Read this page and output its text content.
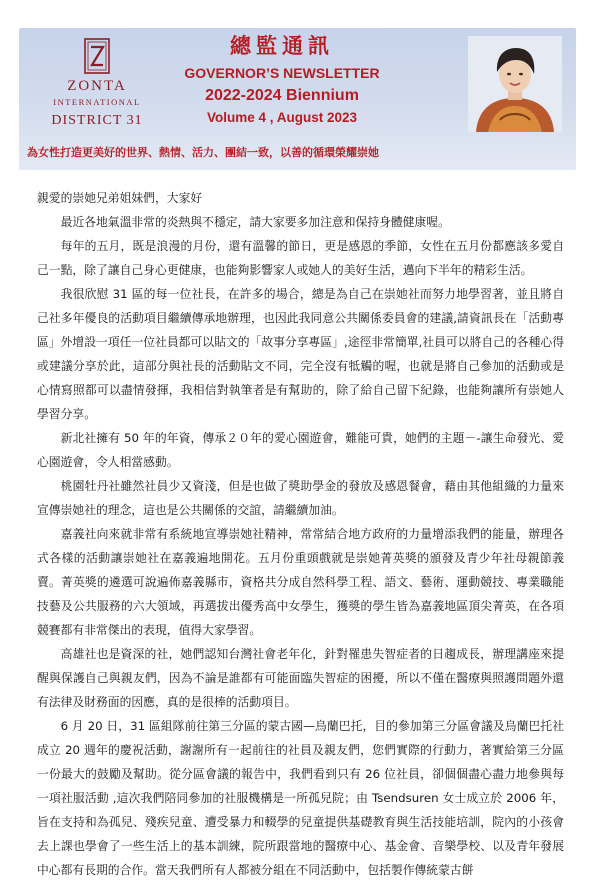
ZONTA
INTERNATIONAL
DISTRICT 31
總監通訊
GOVERNOR’S NEWSLETTER
2022-2024 Biennium
Volume 4 , August 2023
為女性打造更美好的世界、熱情、活力、團結一致，以善的循環榮耀崇她

親愛的崇她兄弟姐妹們，大家好

最近各地氣溫非常的炎熱與不穩定，請大家要多加注意和保持身體健康喔。

每年的五月，既是浪漫的月份，還有溫馨的節日，更是感恩的季節，女性在五月份都應該多愛自己一點，除了讓自己身心更健康，也能夠影響家人或她人的美好生活，邁向下半年的精彩生活。

我很欣慰 31 區的每一位社長，在許多的場合，總是為自己在崇她社而努力地學習著，並且將自己社多年優良的活動項目繼續傳承地辦理，也因此我同意公共關係委員會的建議,請資訊長在「活動專區」外增設一項任一位社員都可以貼文的「故事分享專區」,途徑非常簡單,社員可以將自己的各種心得或建議分享於此，這部分與社長的活動貼文不同，完全沒有牴觸的喔，也就是將自己參加的活動或是心情寫照都可以盡情發揮，我相信對執筆者是有幫助的，除了給自己留下紀錄，也能夠讓所有崇她人學習分享。

新北社擁有 50 年的年資，傳承２０年的愛心園遊會，難能可貴，她們的主題－-讓生命發光、愛心園遊會，令人相當感動。

桃園牡丹社雖然社員少又資淺，但是也做了獎助學金的發放及感恩餐會，藉由其他組織的力量來宣傳崇她社的理念，這也是公共關係的交誼，請繼續加油。

嘉義社向來就非常有系統地宣導崇她社精神，常常結合地方政府的力量增添我們的能量，辦理各式各樣的活動讓崇她社在嘉義遍地開花。五月份重頭戲就是崇她菁英獎的頒發及青少年社母親節義賣。菁英獎的遴選可說遍佈嘉義縣市，資格共分成自然科學工程、語文、藝術、運動競技、專業職能技藝及公共服務的六大領域，再選拔出優秀高中女學生，獲獎的學生皆為嘉義地區頂尖菁英，在各項競賽都有非常傑出的表現，值得大家學習。

高雄社也是資深的社，她們認知台灣社會老年化，針對罹患失智症者的日趨成長，辦理講座來提醒與保護自己與親友們，因為不論是誰都有可能面臨失智症的困擾，所以不僅在醫療與照護問題外還有法律及財務面的因應，真的是很棒的活動項目。

6 月 20 日，31 區組隊前往第三分區的蒙古國—烏蘭巴托，目的參加第三分區會議及烏蘭巴托社成立 20 週年的慶祝活動，謝謝所有一起前往的社員及親友們，您們實際的行動力，著實給第三分區一份最大的鼓勵及幫助。從分區會議的報告中，我們看到只有 26 位社員，卻個個盡心盡力地參與每一項社服活動 ,這次我們陪同參加的社服機構是一所孤兒院；由 Tsendsuren 女士成立於 2006 年，旨在支持和為孤兒、殘疾兒童、遭受暴力和輟學的兒童提供基礎教育與生活技能培訓，院內的小孩會去上課也學會了一些生活上的基本訓練，院所跟當地的醫療中心、基金會、音樂學校、以及青年發展中心都有長期的合作。當天我們所有人都被分組在不同活動中，包括製作傳統蒙古餅
